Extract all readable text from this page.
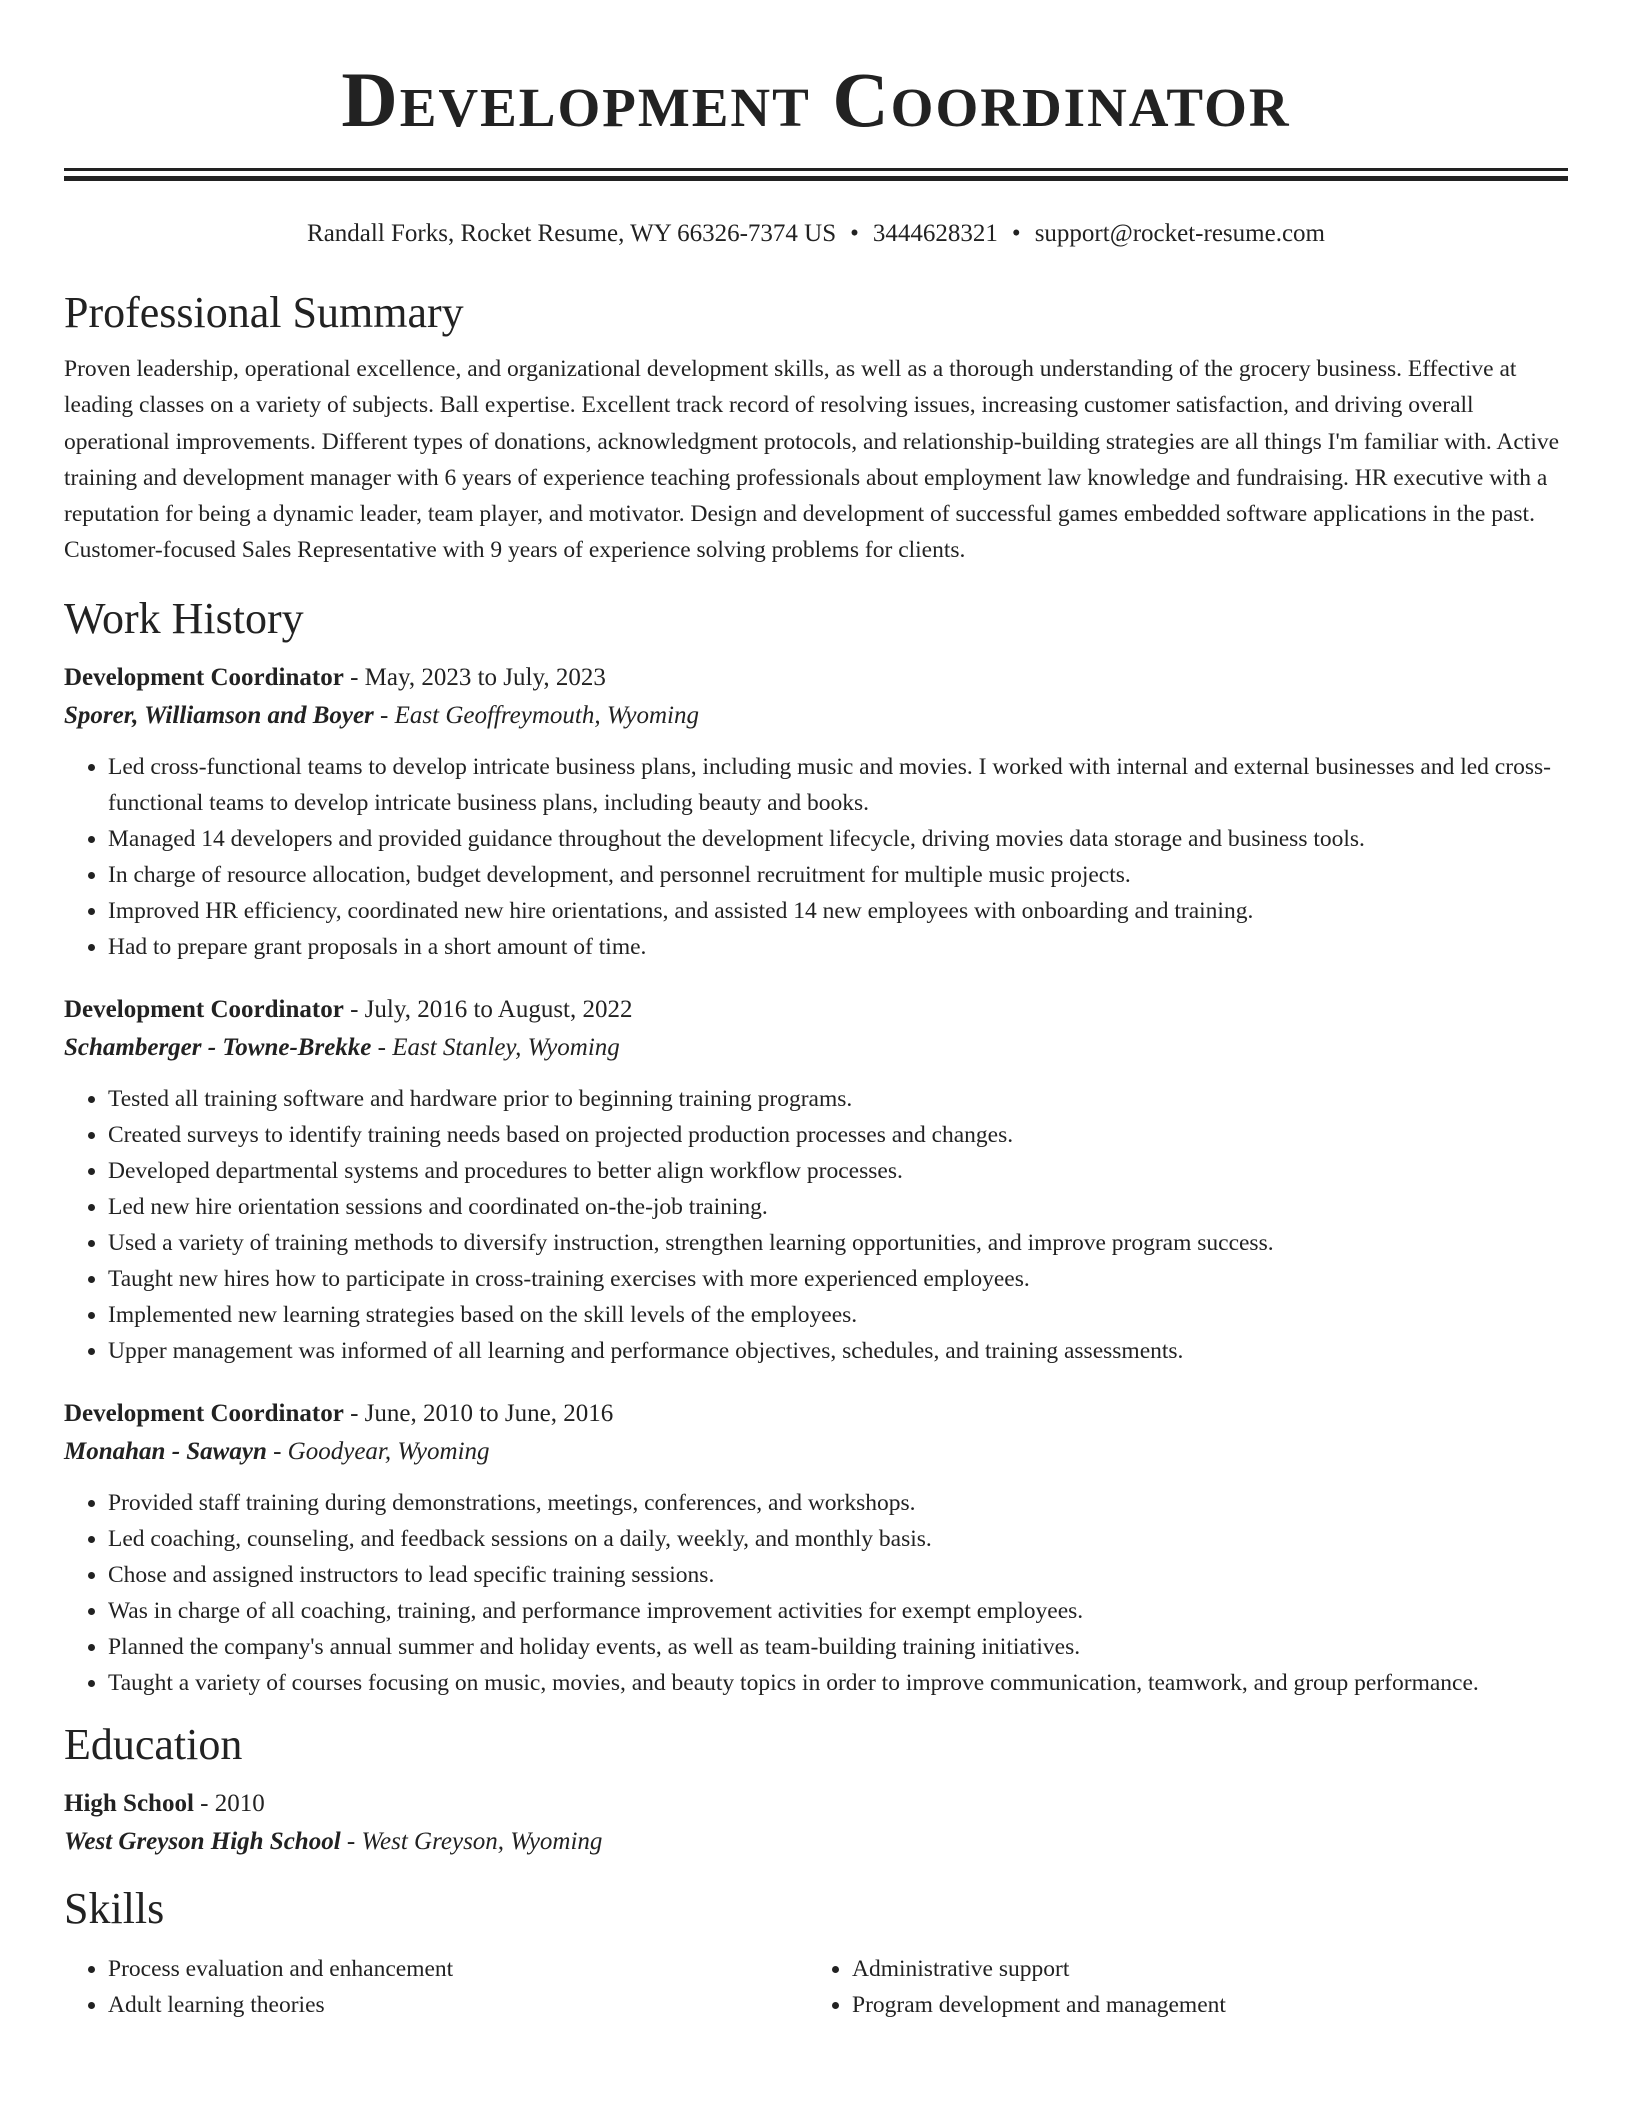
Development Coordinator
Randall Forks, Rocket Resume, WY 66326-7374 US • 3444628321 • support@rocket-resume.com
Professional Summary

Proven leadership, operational excellence, and organizational development skills, as well as a thorough understanding of the grocery business. Effective at leading classes on a variety of subjects. Ball expertise. Excellent track record of resolving issues, increasing customer satisfaction, and driving overall operational improvements. Different types of donations, acknowledgment protocols, and relationship-building strategies are all things I'm familiar with. Active training and development manager with 6 years of experience teaching professionals about employment law knowledge and fundraising. HR executive with a reputation for being a dynamic leader, team player, and motivator. Design and development of successful games embedded software applications in the past. Customer-focused Sales Representative with 9 years of experience solving problems for clients.

Work History
Development Coordinator - May, 2023 to July, 2023
Sporer, Williamson and Boyer - East Geoffreymouth, Wyoming
• Led cross-functional teams to develop intricate business plans, including music and movies. I worked with internal and external businesses and led cross-functional teams to develop intricate business plans, including beauty and books.
• Managed 14 developers and provided guidance throughout the development lifecycle, driving movies data storage and business tools.
• In charge of resource allocation, budget development, and personnel recruitment for multiple music projects.
• Improved HR efficiency, coordinated new hire orientations, and assisted 14 new employees with onboarding and training.
• Had to prepare grant proposals in a short amount of time.
Development Coordinator - July, 2016 to August, 2022
Schamberger - Towne-Brekke - East Stanley, Wyoming
• Tested all training software and hardware prior to beginning training programs.
• Created surveys to identify training needs based on projected production processes and changes.
• Developed departmental systems and procedures to better align workflow processes.
• Led new hire orientation sessions and coordinated on-the-job training.
• Used a variety of training methods to diversify instruction, strengthen learning opportunities, and improve program success.
• Taught new hires how to participate in cross-training exercises with more experienced employees.
• Implemented new learning strategies based on the skill levels of the employees.
• Upper management was informed of all learning and performance objectives, schedules, and training assessments.
Development Coordinator - June, 2010 to June, 2016
Monahan - Sawayn - Goodyear, Wyoming
• Provided staff training during demonstrations, meetings, conferences, and workshops.
• Led coaching, counseling, and feedback sessions on a daily, weekly, and monthly basis.
• Chose and assigned instructors to lead specific training sessions.
• Was in charge of all coaching, training, and performance improvement activities for exempt employees.
• Planned the company's annual summer and holiday events, as well as team-building training initiatives.
• Taught a variety of courses focusing on music, movies, and beauty topics in order to improve communication, teamwork, and group performance.
Education
High School - 2010
West Greyson High School - West Greyson, Wyoming
Skills
• Process evaluation and enhancement
• Adult learning theories
• Administrative support
• Program development and management
